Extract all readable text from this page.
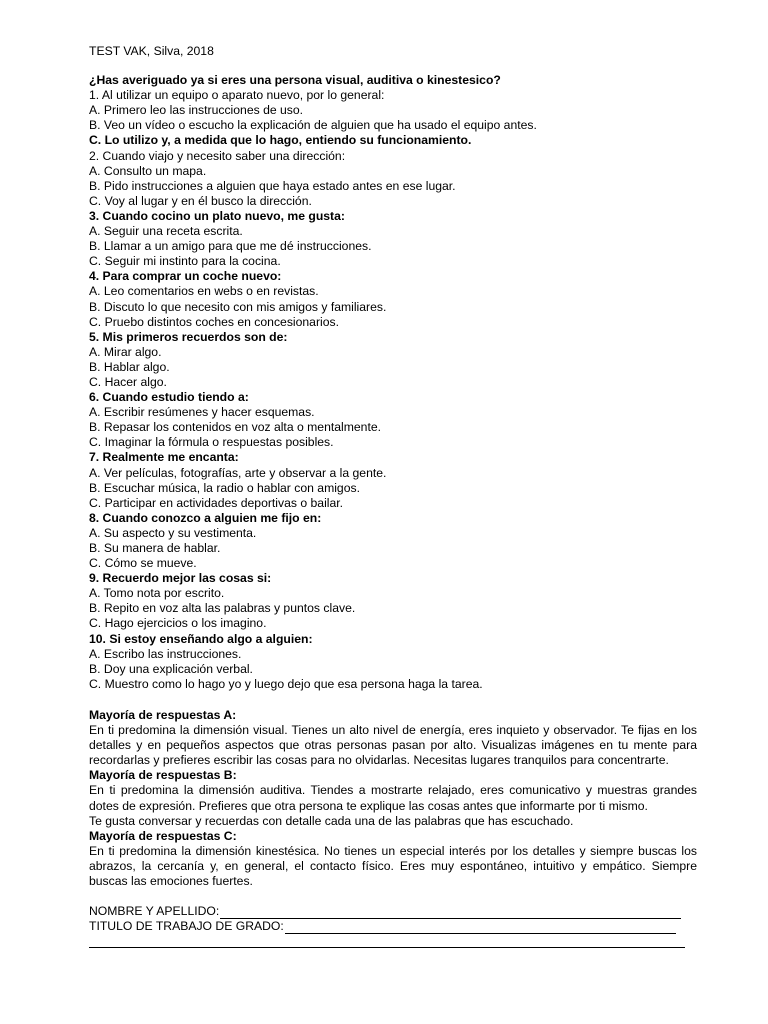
TEST VAK, Silva, 2018
¿Has averiguado ya si eres una persona visual, auditiva o kinestesico?
1. Al utilizar un equipo o aparato nuevo, por lo general:
A. Primero leo las instrucciones de uso.
B. Veo un vídeo o escucho la explicación de alguien que ha usado el equipo antes.
C. Lo utilizo y, a medida que lo hago, entiendo su funcionamiento.
2. Cuando viajo y necesito saber una dirección:
A. Consulto un mapa.
B. Pido instrucciones a alguien que haya estado antes en ese lugar.
C. Voy al lugar y en él busco la dirección.
3. Cuando cocino un plato nuevo, me gusta:
A. Seguir una receta escrita.
B. Llamar a un amigo para que me dé instrucciones.
C. Seguir mi instinto para la cocina.
4. Para comprar un coche nuevo:
A. Leo comentarios en webs o en revistas.
B. Discuto lo que necesito con mis amigos y familiares.
C. Pruebo distintos coches en concesionarios.
5. Mis primeros recuerdos son de:
A. Mirar algo.
B. Hablar algo.
C. Hacer algo.
6. Cuando estudio tiendo a:
A. Escribir resúmenes y hacer esquemas.
B. Repasar los contenidos en voz alta o mentalmente.
C. Imaginar la fórmula o respuestas posibles.
7. Realmente me encanta:
A. Ver películas, fotografías, arte y observar a la gente.
B. Escuchar música, la radio o hablar con amigos.
C. Participar en actividades deportivas o bailar.
8. Cuando conozco a alguien me fijo en:
A. Su aspecto y su vestimenta.
B. Su manera de hablar.
C. Cómo se mueve.
9. Recuerdo mejor las cosas si:
A. Tomo nota por escrito.
B. Repito en voz alta las palabras y puntos clave.
C. Hago ejercicios o los imagino.
10. Si estoy enseñando algo a alguien:
A. Escribo las instrucciones.
B. Doy una explicación verbal.
C. Muestro como lo hago yo y luego dejo que esa persona haga la tarea.
Mayoría de respuestas A:
En ti predomina la dimensión visual. Tienes un alto nivel de energía, eres inquieto y observador. Te fijas en los detalles y en pequeños aspectos que otras personas pasan por alto. Visualizas imágenes en tu mente para recordarlas y prefieres escribir las cosas para no olvidarlas. Necesitas lugares tranquilos para concentrarte.
Mayoría de respuestas B:
En ti predomina la dimensión auditiva. Tiendes a mostrarte relajado, eres comunicativo y muestras grandes dotes de expresión. Prefieres que otra persona te explique las cosas antes que informarte por ti mismo.
Te gusta conversar y recuerdas con detalle cada una de las palabras que has escuchado.
Mayoría de respuestas C:
En ti predomina la dimensión kinestésica. No tienes un especial interés por los detalles y siempre buscas los abrazos, la cercanía y, en general, el contacto físico. Eres muy espontáneo, intuitivo y empático. Siempre buscas las emociones fuertes.
NOMBRE Y APELLIDO:
TITULO DE TRABAJO DE GRADO:
